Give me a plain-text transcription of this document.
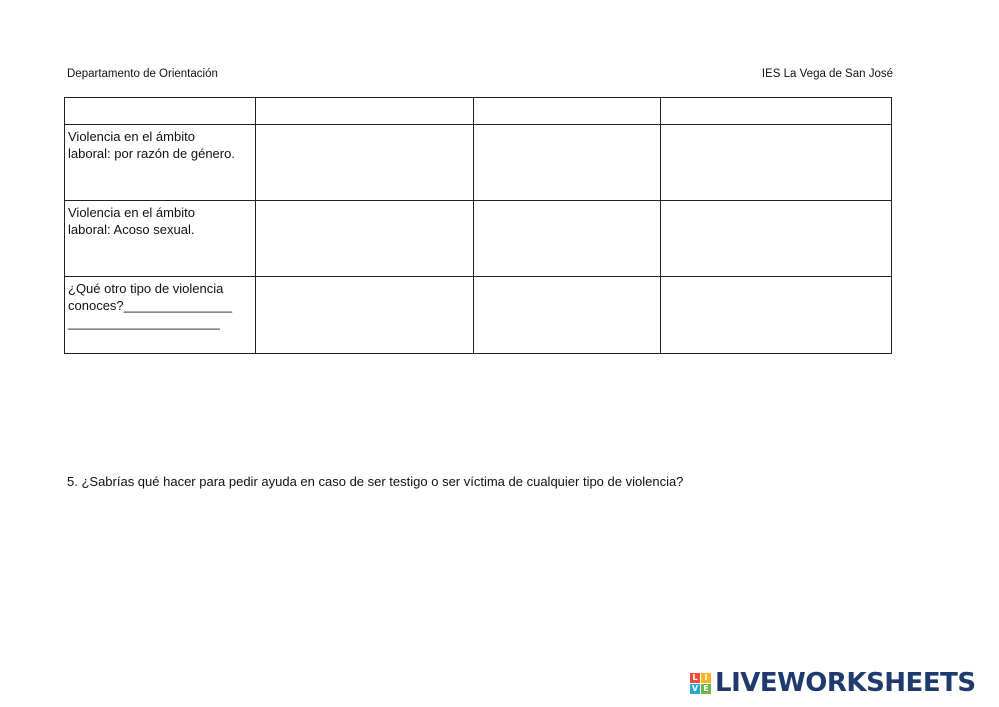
Departamento de Orientación	IES La Vega de San José

Violencia en el ámbito
laboral: por razón de género.			

Violencia en el ámbito
laboral: Acoso sexual.			

¿Qué otro tipo de violencia
conoces?_______________
_____________________			

5. ¿Sabrías qué hacer para pedir ayuda en caso de ser testigo o ser víctima de cualquier tipo de violencia?
L I
V E LIVEWORKSHEETS
